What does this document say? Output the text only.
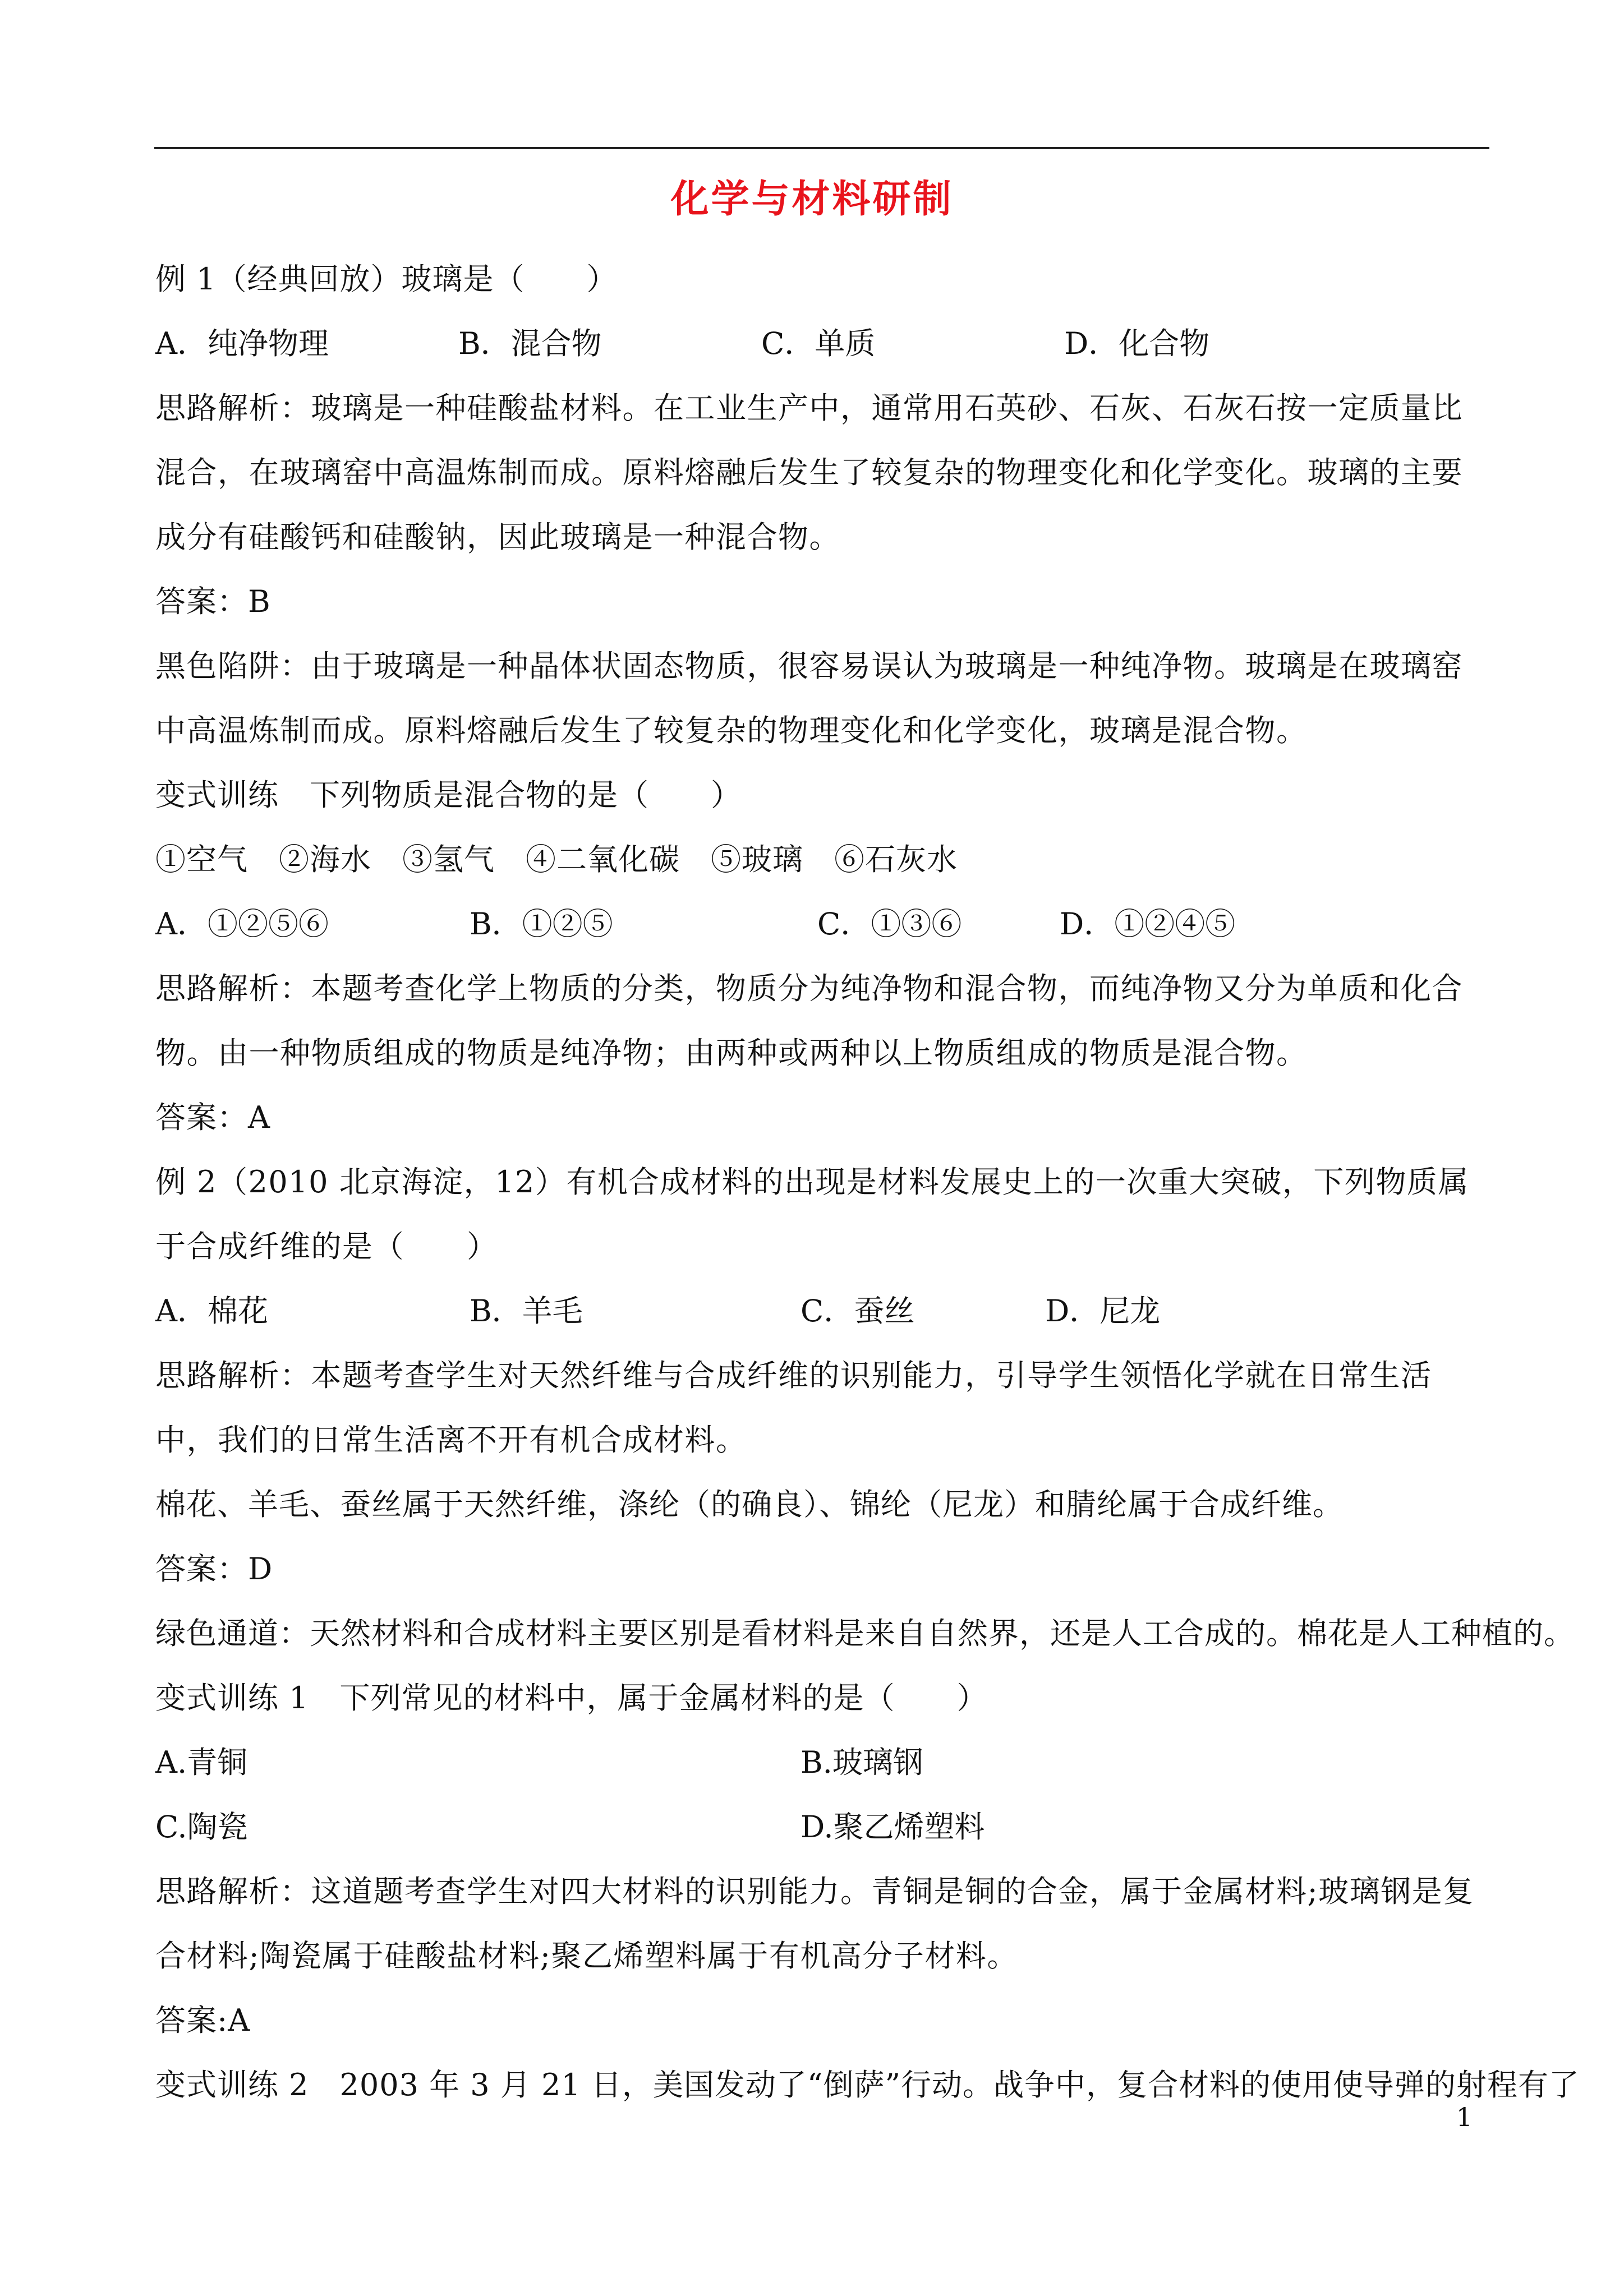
化学与材料研制
例 1（经典回放）玻璃是（　　）
A．纯净物理	B．混合物	C．单质	D．化合物
思路解析：玻璃是一种硅酸盐材料。在工业生产中，通常用石英砂、石灰、石灰石按一定质量比混合，在玻璃窑中高温炼制而成。原料熔融后发生了较复杂的物理变化和化学变化。玻璃的主要成分有硅酸钙和硅酸钠，因此玻璃是一种混合物。
答案：B
黑色陷阱：由于玻璃是一种晶体状固态物质，很容易误认为玻璃是一种纯净物。玻璃是在玻璃窑中高温炼制而成。原料熔融后发生了较复杂的物理变化和化学变化，玻璃是混合物。
变式训练　下列物质是混合物的是（　　）
①空气　②海水　③氢气　④二氧化碳　⑤玻璃　⑥石灰水
A．①②⑤⑥	B．①②⑤	C．①③⑥	D．①②④⑤
思路解析：本题考查化学上物质的分类，物质分为纯净物和混合物，而纯净物又分为单质和化合物。由一种物质组成的物质是纯净物；由两种或两种以上物质组成的物质是混合物。
答案：A
例 2（2010 北京海淀，12）有机合成材料的出现是材料发展史上的一次重大突破，下列物质属于合成纤维的是（　　）
A．棉花	B．羊毛	C．蚕丝	D．尼龙
思路解析：本题考查学生对天然纤维与合成纤维的识别能力，引导学生领悟化学就在日常生活中，我们的日常生活离不开有机合成材料。
棉花、羊毛、蚕丝属于天然纤维，涤纶（的确良）、锦纶（尼龙）和腈纶属于合成纤维。
答案：D
绿色通道：天然材料和合成材料主要区别是看材料是来自自然界，还是人工合成的。棉花是人工种植的。
变式训练 1　下列常见的材料中，属于金属材料的是（　　）
A.青铜	B.玻璃钢
C.陶瓷	D.聚乙烯塑料
思路解析：这道题考查学生对四大材料的识别能力。青铜是铜的合金，属于金属材料;玻璃钢是复合材料;陶瓷属于硅酸盐材料;聚乙烯塑料属于有机高分子材料。
答案:A
变式训练 2　2003 年 3 月 21 日，美国发动了“倒萨”行动。战争中，复合材料的使用使导弹的射程有了
1
